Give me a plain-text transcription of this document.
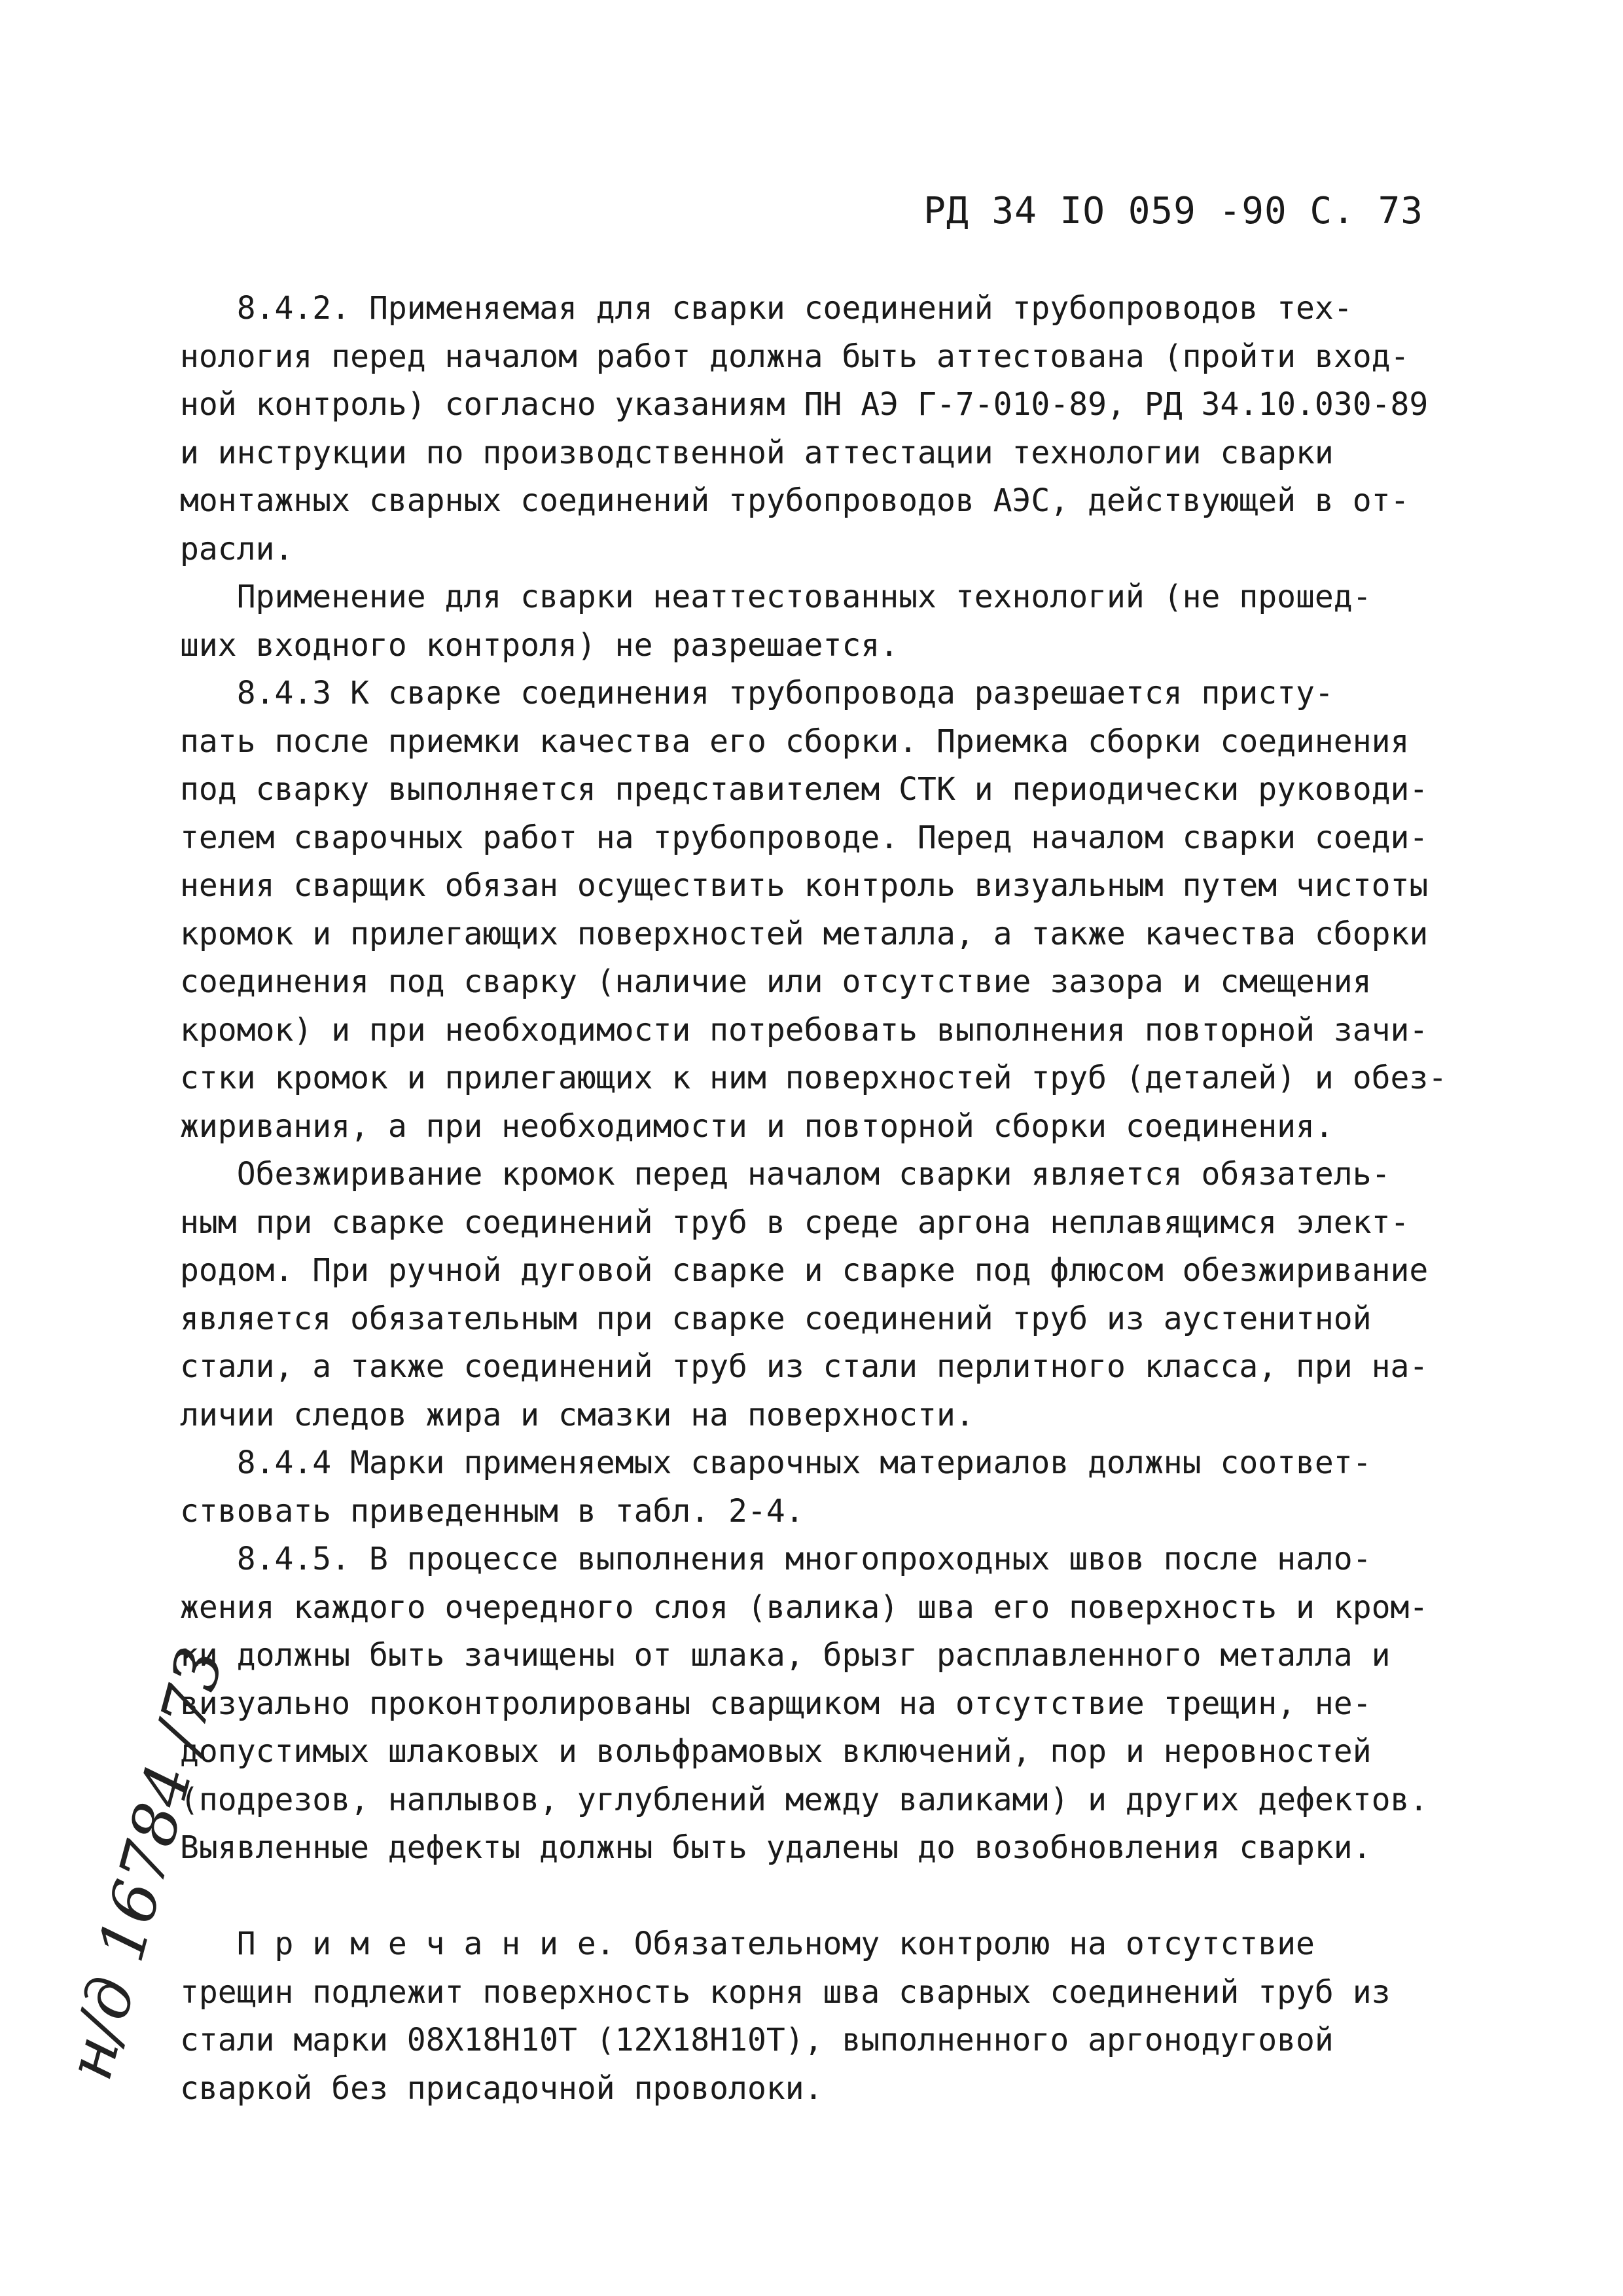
РД 34 IO 059 -90 С. 73
8.4.2. Применяемая для сварки соединений трубопроводов тех-
нология перед началом работ должна быть аттестована (пройти вход-
ной контроль) согласно указаниям ПН АЭ Г-7-010-89, РД 34.10.030-89
и инструкции по производственной аттестации технологии сварки
монтажных сварных соединений трубопроводов АЭС, действующей в от-
расли.
Применение для сварки неаттестованных технологий (не прошед-
ших входного контроля) не разрешается.
8.4.3 К сварке соединения трубопровода разрешается присту-
пать после приемки качества его сборки. Приемка сборки соединения
под сварку выполняется представителем СТК и периодически руководи-
телем сварочных работ на трубопроводе. Перед началом сварки соеди-
нения сварщик обязан осуществить контроль визуальным путем чистоты
кромок и прилегающих поверхностей металла, а также качества сборки
соединения под сварку (наличие или отсутствие зазора и смещения
кромок) и при необходимости потребовать выполнения повторной зачи-
стки кромок и прилегающих к ним поверхностей труб (деталей) и обез-
жиривания, а при необходимости и повторной сборки соединения.
Обезжиривание кромок перед началом сварки является обязатель-
ным при сварке соединений труб в среде аргона неплавящимся элект-
родом. При ручной дуговой сварке и сварке под флюсом обезжиривание
является обязательным при сварке соединений труб из аустенитной
стали, а также соединений труб из стали перлитного класса, при на-
личии следов жира и смазки на поверхности.
8.4.4 Марки применяемых сварочных материалов должны соответ-
ствовать приведенным в табл. 2-4.
8.4.5. В процессе выполнения многопроходных швов после нало-
жения каждого очередного слоя (валика) шва его поверхность и кром-
ки должны быть зачищены от шлака, брызг расплавленного металла и
визуально проконтролированы сварщиком на отсутствие трещин, не-
допустимых шлаковых и вольфрамовых включений, пор и неровностей
(подрезов, наплывов, углублений между валиками) и других дефектов.
Выявленные дефекты должны быть удалены до возобновления сварки.
П р и м е ч а н и е. Обязательному контролю на отсутствие
трещин подлежит поверхность корня шва сварных соединений труб из
стали марки 08Х18Н10Т (12Х18Н10Т), выполненного аргонодуговой
сваркой без присадочной проволоки.
н/д 16784 /73
